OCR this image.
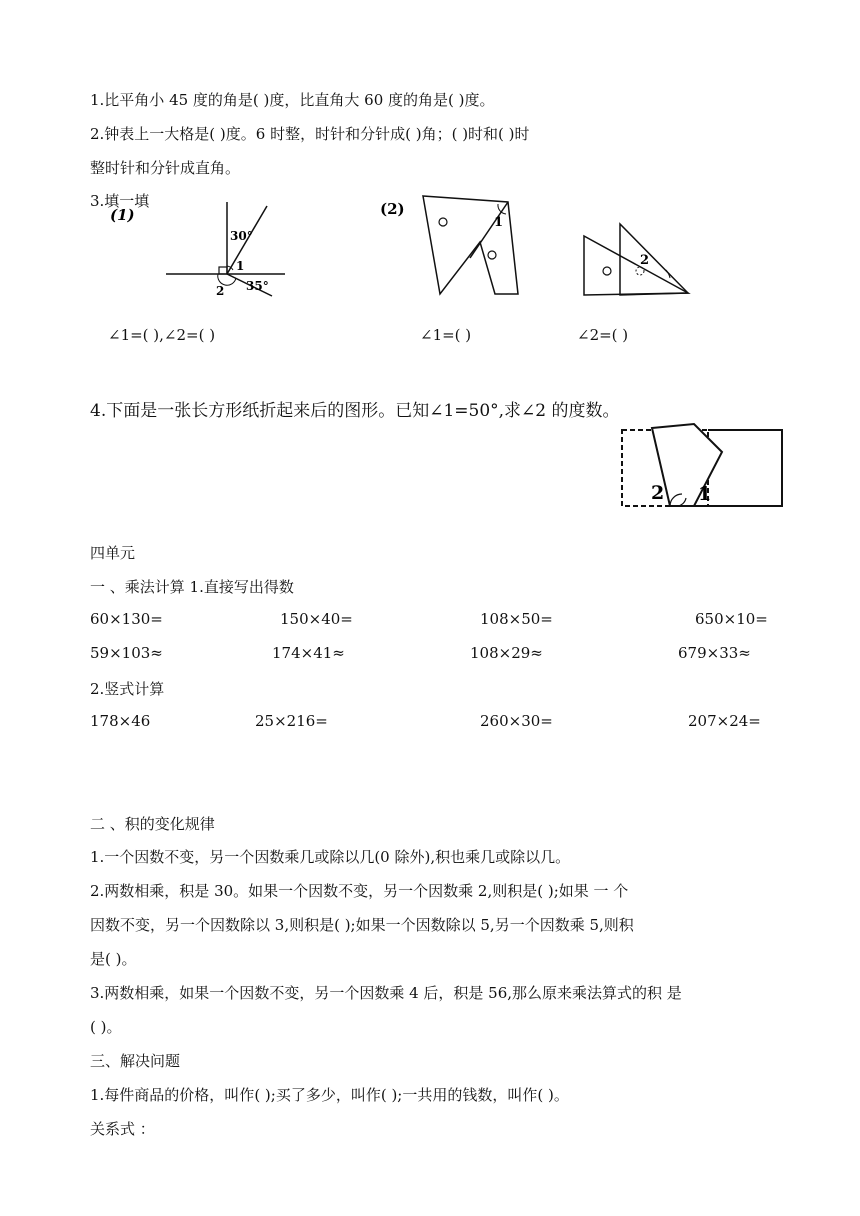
1.比平角小 45 度的角是( )度，比直角大 60 度的角是( )度。
2.钟表上一大格是( )度。6 时整，时针和分针成( )角；( )时和( )时
整时针和分针成直角。
3.填一填
(1)
30°
1
2 35°
(2)
1
2
∠1=( ),∠2=( )	∠1=( )	∠2=( )
4.下面是一张长方形纸折起来后的图形。已知∠1=50°,求∠2 的度数。
2 1
四单元
一 、乘法计算 1.直接写出得数
60×130=	150×40=	108×50=	650×10=
59×103≈	174×41≈	108×29≈	679×33≈
2.竖式计算
178×46	25×216=	260×30=	207×24=
二 、积的变化规律
1.一个因数不变，另一个因数乘几或除以几(0 除外),积也乘几或除以几。
2.两数相乘，积是 30。如果一个因数不变，另一个因数乘 2,则积是( );如果 一 个
因数不变，另一个因数除以 3,则积是( );如果一个因数除以 5,另一个因数乘 5,则积
是( )。
3.两数相乘，如果一个因数不变，另一个因数乘 4 后，积是 56,那么原来乘法算式的积 是
( )。
三、解决问题
1.每件商品的价格，叫作( );买了多少，叫作( );一共用的钱数，叫作( )。
关系式 ：
